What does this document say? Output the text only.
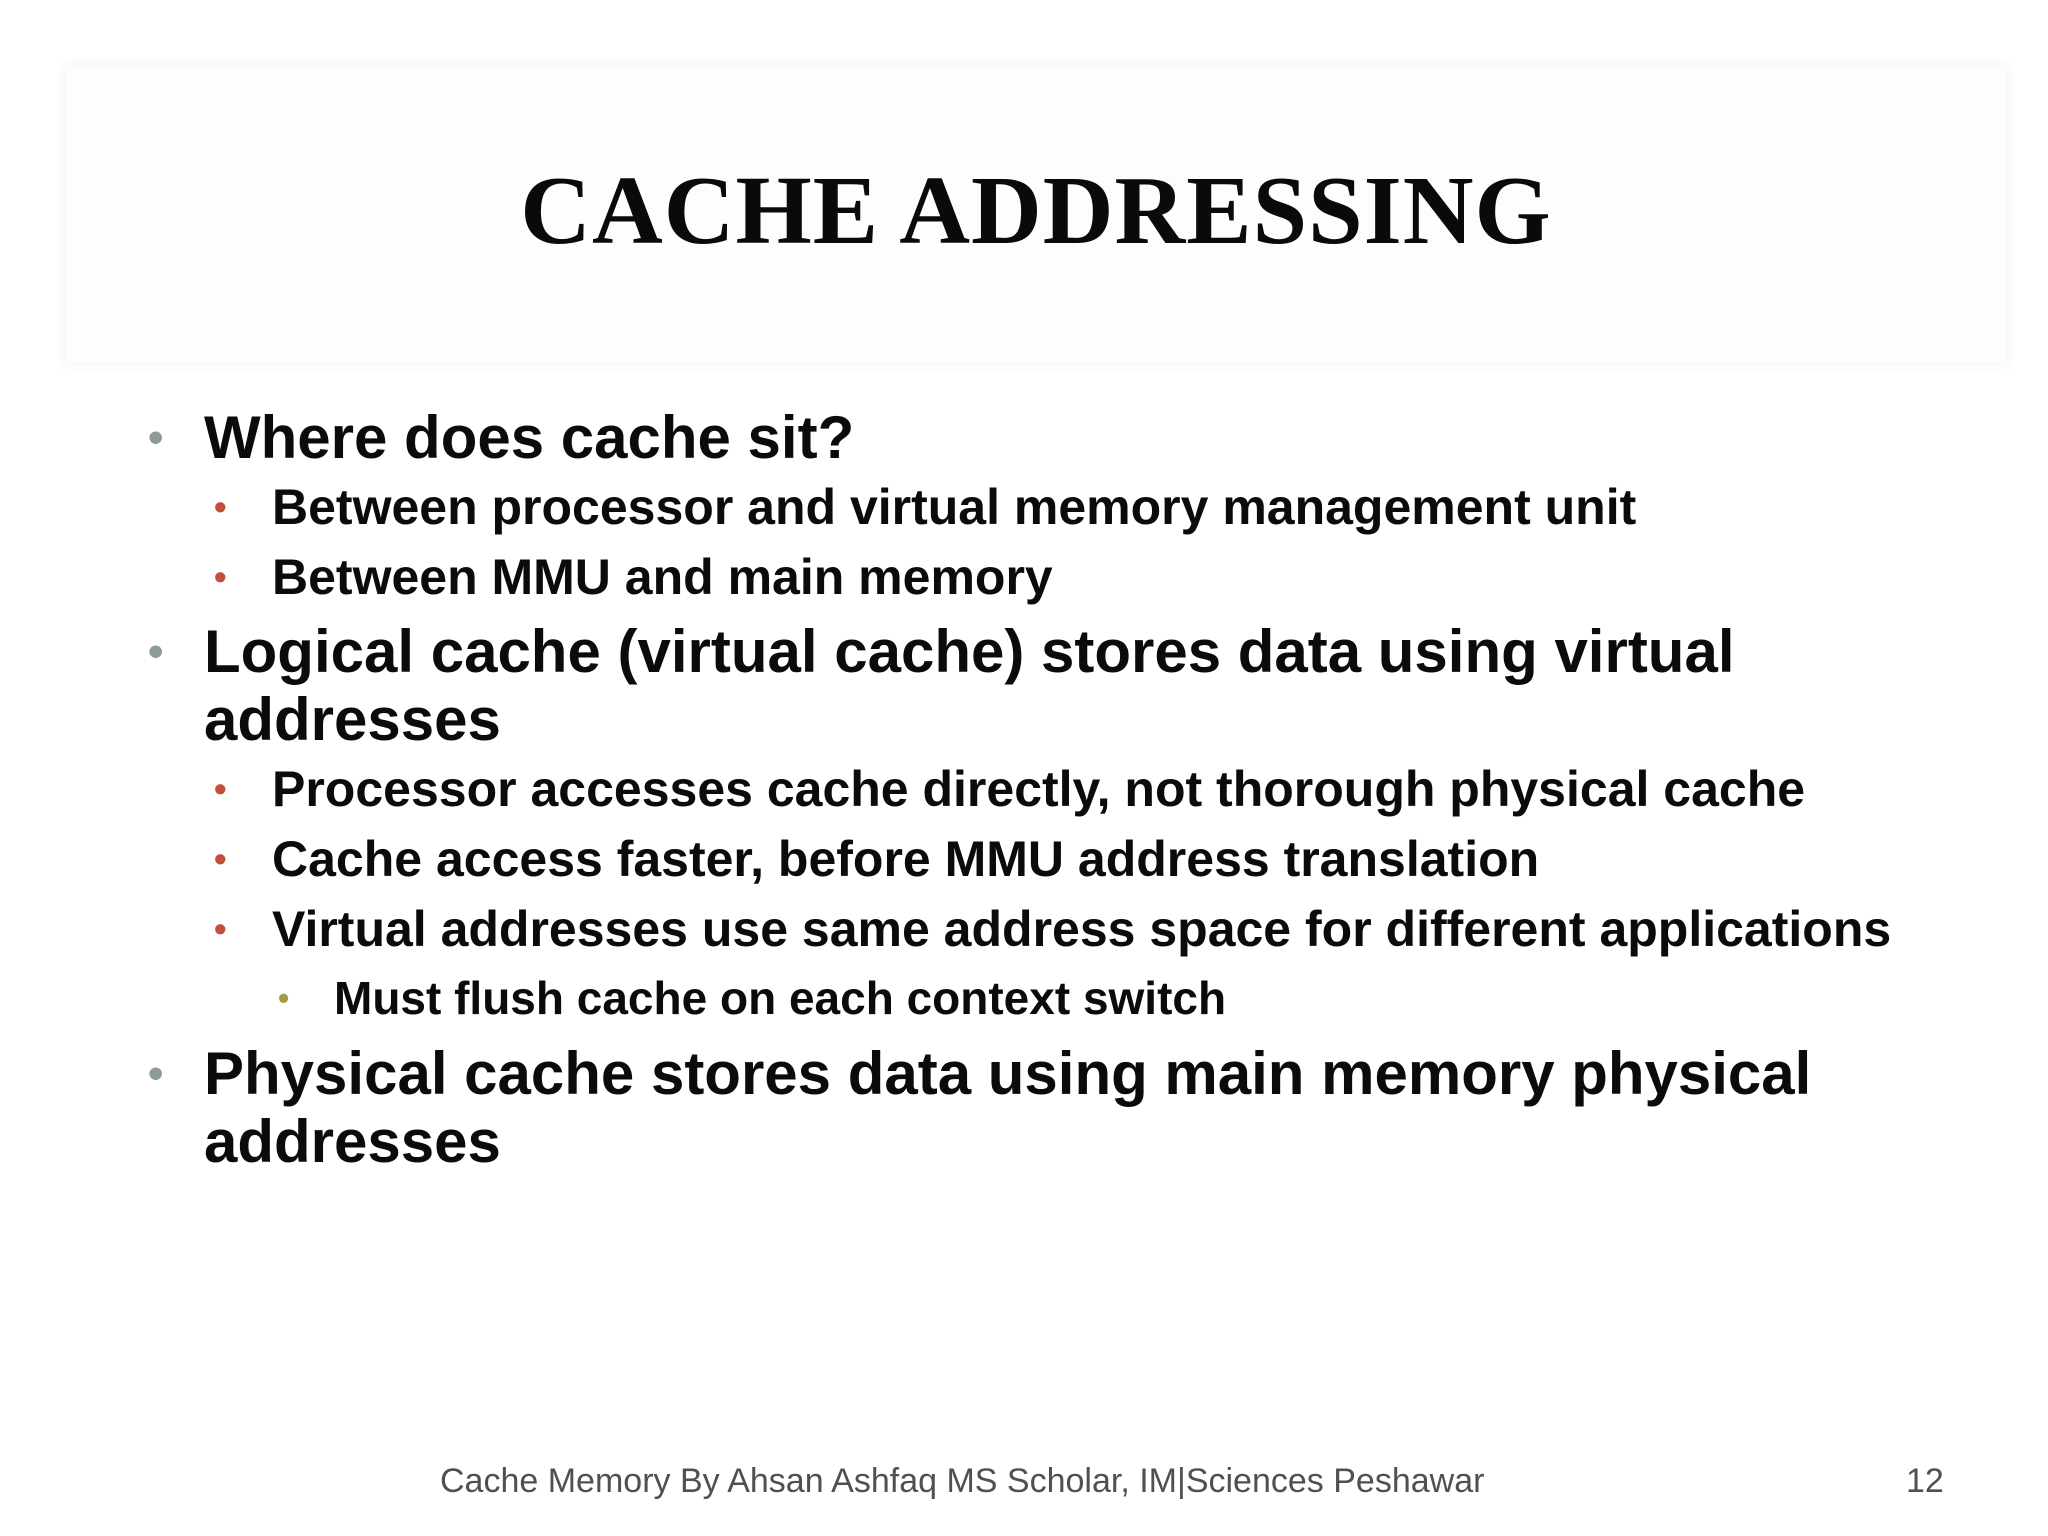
CACHE ADDRESSING
• Where does cache sit?
• Between processor and virtual memory management unit
• Between MMU and main memory
• Logical cache (virtual cache) stores data using virtual addresses
• Processor accesses cache directly, not thorough physical cache
• Cache access faster, before MMU address translation
• Virtual addresses use same address space for different applications
• Must flush cache on each context switch
• Physical cache stores data using main memory physical addresses
Cache Memory By Ahsan Ashfaq MS Scholar, IM|Sciences Peshawar	12
